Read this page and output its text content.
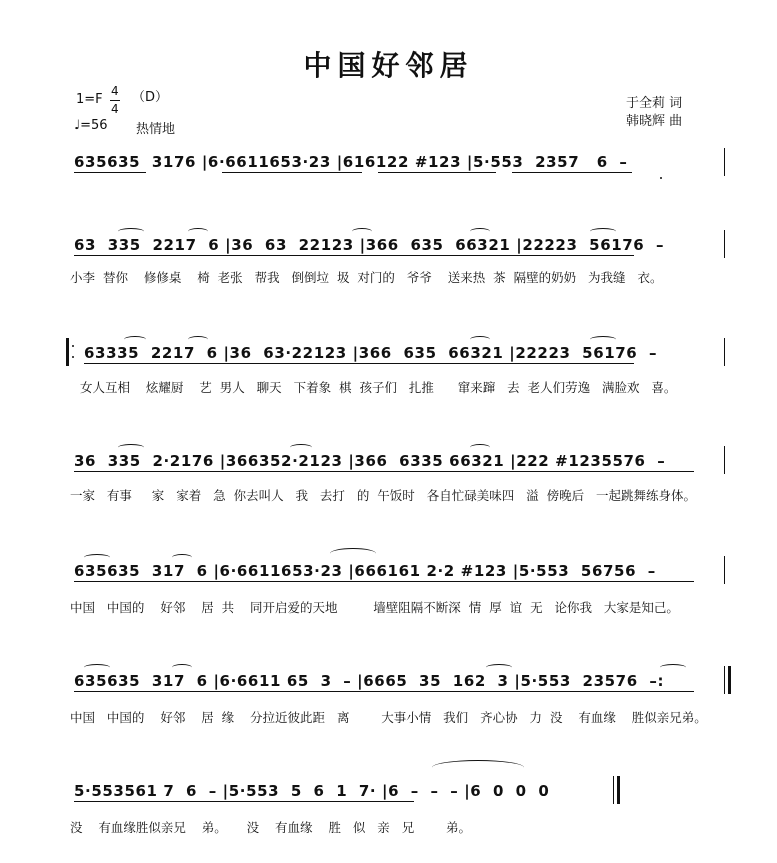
中国好邻居
1=F
4
4
（D）
♩=56 热情地
于全莉 词
韩晓辉 曲
635635  3176 |6·6611653·23 |616122 #123 |5·553  2357   6  –
63  335  2217  6 |36  63  22123 |366  635  66321 |22223  56176  –
小李  替你    修修桌    椅  老张   帮我   倒倒垃  圾  对门的   爷爷    送来热  茶  隔壁的奶奶   为我缝   衣。
63335  2217  6 |36  63·22123 |366  635  66321 |22223  56176  –
女人互相    炫耀厨    艺  男人   聊天   下着象  棋  孩子们   扎推      窜来蹿   去  老人们劳逸   满脸欢   喜。
36  335  2·2176 |366352·2123 |366  6335 66321 |222 #1235576  –
一家   有事     家   家着   急  你去叫人   我   去打   的  午饭时   各自忙碌美味四   溢  傍晚后   一起跳舞练身体。
635635  317  6 |6·6611653·23 |666161 2·2 #123 |5·553  56756  –
中国   中国的    好邻    居  共    同开启爱的天地         墙壁阻隔不断深  情  厚  谊  无   论你我   大家是知己。
635635  317  6 |6·6611 65  3  – |6665  35  162  3 |5·553  23576  –:
中国   中国的    好邻    居  缘    分拉近彼此距   离        大事小情   我们   齐心协   力  没    有血缘    胜似亲兄弟。
5·553561 7  6  – |5·553  5  6  1  7· |6  –  –  – |6  0  0  0
没    有血缘胜似亲兄    弟。     没    有血缘    胜   似   亲   兄        弟。
